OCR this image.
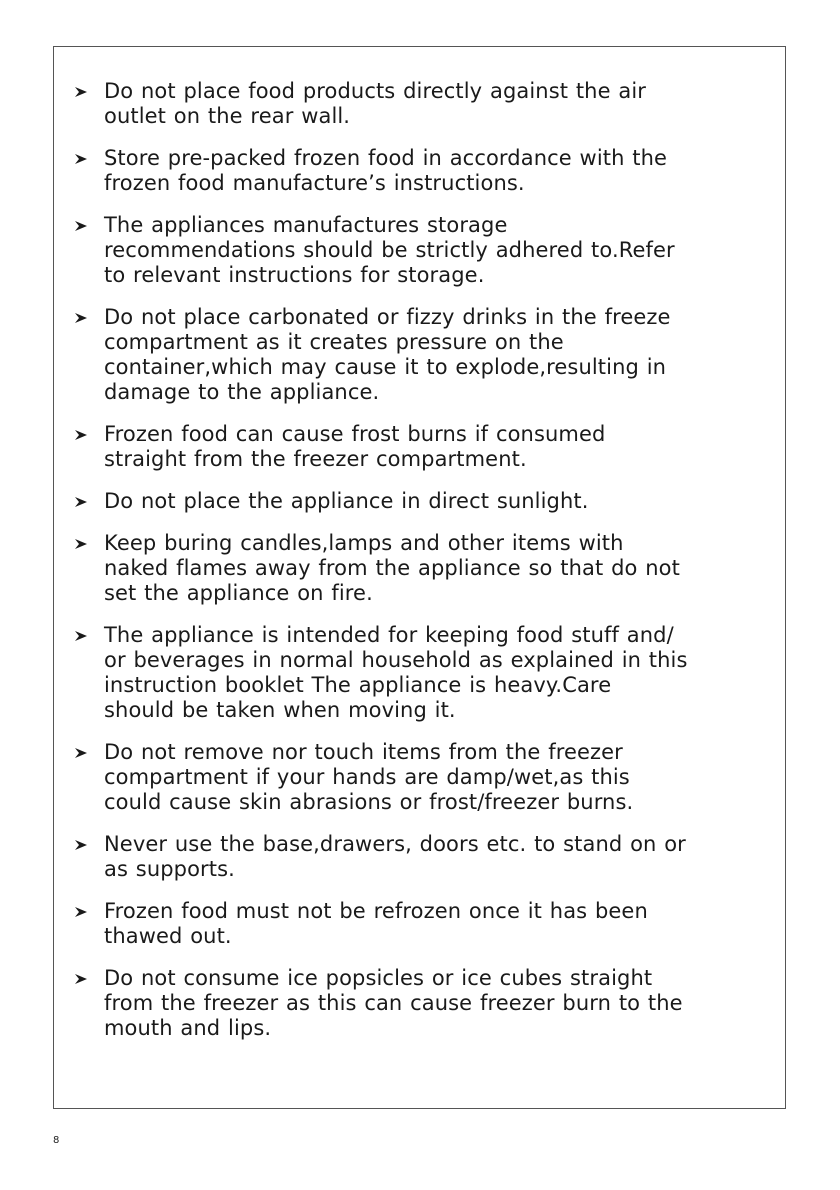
Do not place food products directly against the air
outlet on the rear wall.
Store pre-packed frozen food in accordance with the
frozen food manufacture’s instructions.
The appliances manufactures storage
recommendations should be strictly adhered to.Refer
to relevant instructions for storage.
Do not place carbonated or fizzy drinks in the freeze
compartment as it creates pressure on the
container,which may cause it to explode,resulting in
damage to the appliance.
Frozen food can cause frost burns if consumed
straight from the freezer compartment.
Do not place the appliance in direct sunlight.
Keep buring candles,lamps and other items with
naked flames away from the appliance so that do not
set the appliance on fire.
The appliance is intended for keeping food stuff and/
or beverages in normal household as explained in this
instruction booklet The appliance is heavy.Care
should be taken when moving it.
Do not remove nor touch items from the freezer
compartment if your hands are damp/wet,as this
could cause skin abrasions or frost/freezer burns.
Never use the base,drawers, doors etc. to stand on or
as supports.
Frozen food must not be refrozen once it has been
thawed out.
Do not consume ice popsicles or ice cubes straight
from the freezer as this can cause freezer burn to the
mouth and lips.
8
